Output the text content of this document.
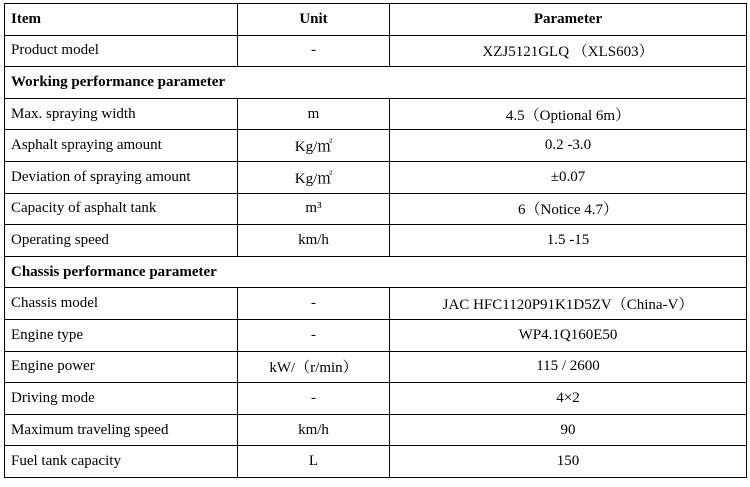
Item	Unit	Parameter
Product model	-	XZJ5121GLQ （XLS603）
Working performance parameter		
Max. spraying width	m	4.5（Optional 6m）
Asphalt spraying amount	Kg/㎡	0.2 -3.0
Deviation of spraying amount	Kg/㎡	±0.07
Capacity of asphalt tank	m³	6（Notice 4.7）
Operating speed	km/h	1.5 -15
Chassis performance parameter		
Chassis model	-	JAC HFC1120P91K1D5ZV（China-V）
Engine type	-	WP4.1Q160E50
Engine power	kW/（r/min）	115 / 2600
Driving mode	-	4×2
Maximum traveling speed	km/h	90
Fuel tank capacity	L	150
